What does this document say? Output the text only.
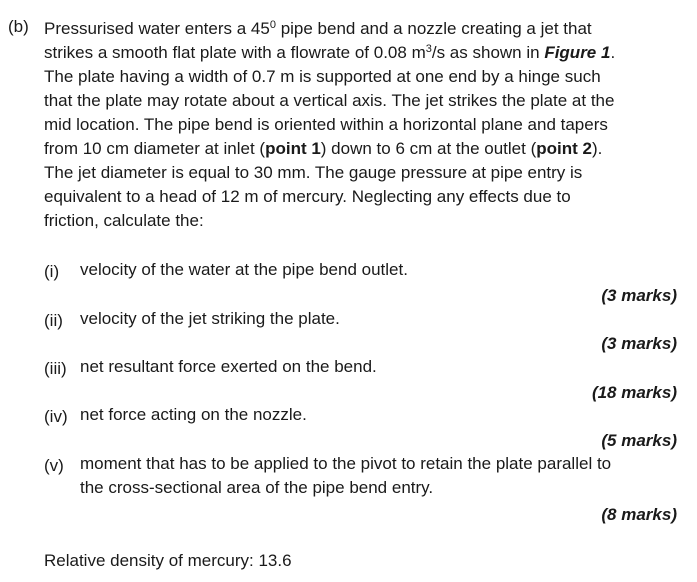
(b) Pressurised water enters a $45^0$ pipe bend and a nozzle creating a jet that
strikes a smooth flat plate with a flowrate of 0.08 $m^3/s$ as shown in Figure 1.
The plate having a width of 0.7 m is supported at one end by a hinge such
that the plate may rotate about a vertical axis. The jet strikes the plate at the
mid location. The pipe bend is oriented within a horizontal plane and tapers
from 10 cm diameter at inlet (point 1) down to 6 cm at the outlet (point 2).
The jet diameter is equal to 30 mm. The gauge pressure at pipe entry is
equivalent to a head of 12 m of mercury. Neglecting any effects due to
friction, calculate the:
(i) velocity of the water at the pipe bend outlet.
(3 marks)
(ii) velocity of the jet striking the plate.
(3 marks)
(iii) net resultant force exerted on the bend.
(18 marks)
(iv) net force acting on the nozzle.
(5 marks)
(v) moment that has to be applied to the pivot to retain the plate parallel to
the cross-sectional area of the pipe bend entry.
(8 marks)
Relative density of mercury: 13.6
